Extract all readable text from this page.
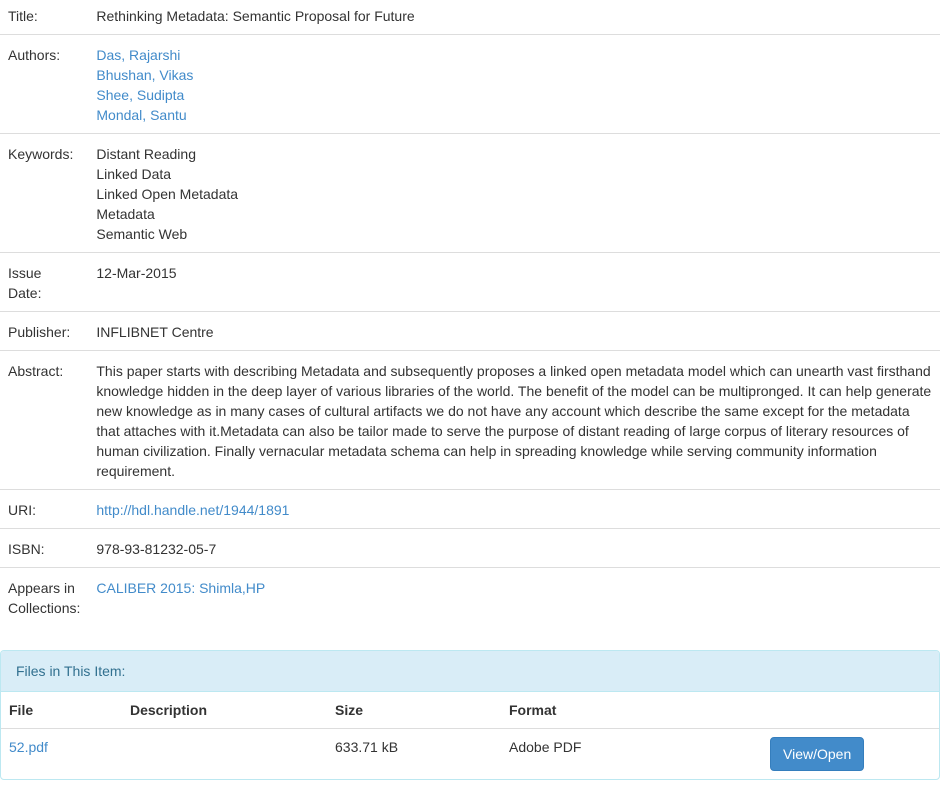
Title:	Rethinking Metadata: Semantic Proposal for Future
Authors:	Das, Rajarshi
Bhushan, Vikas
Shee, Sudipta
Mondal, Santu

Keywords:	Distant Reading
Linked Data
Linked Open Metadata
Metadata
Semantic Web

Issue
Date:	12-Mar-2015
Publisher:	INFLIBNET Centre
Abstract:	This paper starts with describing Metadata and subsequently proposes a linked open metadata model which can unearth vast firsthand knowledge hidden in the deep layer of various libraries of the world. The benefit of the model can be multipronged. It can help generate new knowledge as in many cases of cultural artifacts we do not have any account which describe the same except for the metadata that attaches with it.Metadata can also be tailor made to serve the purpose of distant reading of large corpus of literary resources of human civilization. Finally vernacular metadata schema can help in spreading knowledge while serving community information requirement.
URI:	http://hdl.handle.net/1944/1891
ISBN:	978-93-81232-05-7

Appears in
Collections:	CALIBER 2015: Shimla,HP
Files in This Item:
File	Description	Size	Format	
52.pdf		633.71 kB	Adobe PDF	View/Open
